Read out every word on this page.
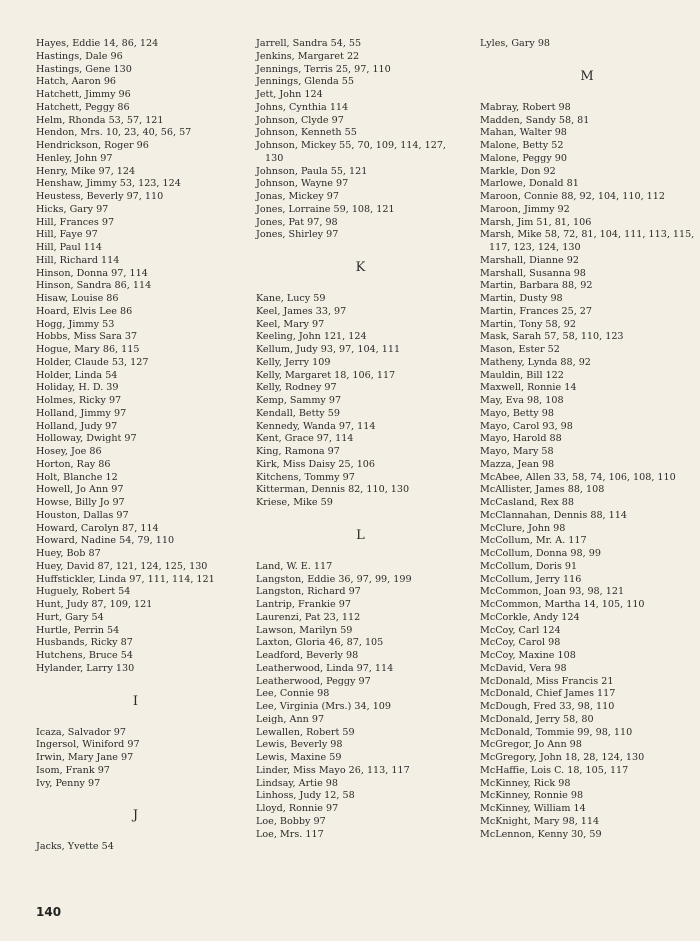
Hayes, Eddie 14, 86, 124
Hastings, Dale 96
Hastings, Gene 130
Hatch, Aaron 96
Hatchett, Jimmy 96
Hatchett, Peggy 86
Helm, Rhonda 53, 57, 121
Hendon, Mrs. 10, 23, 40, 56, 57
Hendrickson, Roger 96
Henley, John 97
Henry, Mike 97, 124
Henshaw, Jimmy 53, 123, 124
Heustess, Beverly 97, 110
Hicks, Gary 97
Hill, Frances 97
Hill, Faye 97
Hill, Paul 114
Hill, Richard 114
Hinson, Donna 97, 114
Hinson, Sandra 86, 114
Hisaw, Louise 86
Hoard, Elvis Lee 86
Hogg, Jimmy 53
Hobbs, Miss Sara 37
Hogue, Mary 86, 115
Holder, Claude 53, 127
Holder, Linda 54
Holiday, H. D. 39
Holmes, Ricky 97
Holland, Jimmy 97
Holland, Judy 97
Holloway, Dwight 97
Hosey, Joe 86
Horton, Ray 86
Holt, Blanche 12
Howell, Jo Ann 97
Howse, Billy Jo 97
Houston, Dallas 97
Howard, Carolyn 87, 114
Howard, Nadine 54, 79, 110
Huey, Bob 87
Huey, David 87, 121, 124, 125, 130
Huffstickler, Linda 97, 111, 114, 121
Huguely, Robert 54
Hunt, Judy 87, 109, 121
Hurt, Gary 54
Hurtle, Perrin 54
Husbands, Ricky 87
Hutchens, Bruce 54
Hylander, Larry 130
I
Icaza, Salvador 97
Ingersol, Winiford 97
Irwin, Mary Jane 97
Isom, Frank 97
Ivy, Penny 97
J
Jacks, Yvette 54
Jarrell, Sandra 54, 55
Jenkins, Margaret 22
Jennings, Terris 25, 97, 110
Jennings, Glenda 55
Jett, John 124
Johns, Cynthia 114
Johnson, Clyde 97
Johnson, Kenneth 55
Johnson, Mickey 55, 70, 109, 114, 127, 130
Johnson, Paula 55, 121
Johnson, Wayne 97
Jonas, Mickey 97
Jones, Lorraine 59, 108, 121
Jones, Pat 97, 98
Jones, Shirley 97
K
Kane, Lucy 59
Keel, James 33, 97
Keel, Mary 97
Keeling, John 121, 124
Kellum, Judy 93, 97, 104, 111
Kelly, Jerry 109
Kelly, Margaret 18, 106, 117
Kelly, Rodney 97
Kemp, Sammy 97
Kendall, Betty 59
Kennedy, Wanda 97, 114
Kent, Grace 97, 114
King, Ramona 97
Kirk, Miss Daisy 25, 106
Kitchens, Tommy 97
Kitterman, Dennis 82, 110, 130
Kriese, Mike 59
L
Land, W. E. 117
Langston, Eddie 36, 97, 99, 199
Langston, Richard 97
Lantrip, Frankie 97
Laurenzi, Pat 23, 112
Lawson, Marilyn 59
Laxton, Gloria 46, 87, 105
Leadford, Beverly 98
Leatherwood, Linda 97, 114
Leatherwood, Peggy 97
Lee, Connie 98
Lee, Virginia (Mrs.) 34, 109
Leigh, Ann 97
Lewallen, Robert 59
Lewis, Beverly 98
Lewis, Maxine 59
Linder, Miss Mayo 26, 113, 117
Lindsay, Artie 98
Linhoss, Judy 12, 58
Lloyd, Ronnie 97
Loe, Bobby 97
Loe, Mrs. 117
Lyles, Gary 98
M
Mabray, Robert 98
Madden, Sandy 58, 81
Mahan, Walter 98
Malone, Betty 52
Malone, Peggy 90
Markle, Don 92
Marlowe, Donald 81
Maroon, Connie 88, 92, 104, 110, 112
Maroon, Jimmy 92
Marsh, Jim 51, 81, 106
Marsh, Mike 58, 72, 81, 104, 111, 113, 115, 117, 123, 124, 130
Marshall, Dianne 92
Marshall, Susanna 98
Martin, Barbara 88, 92
Martin, Dusty 98
Martin, Frances 25, 27
Martin, Tony 58, 92
Mask, Sarah 57, 58, 110, 123
Mason, Ester 52
Matheny, Lynda 88, 92
Mauldin, Bill 122
Maxwell, Ronnie 14
May, Eva 98, 108
Mayo, Betty 98
Mayo, Carol 93, 98
Mayo, Harold 88
Mayo, Mary 58
Mazza, Jean 98
McAbee, Allen 33, 58, 74, 106, 108, 110
McAllister, James 88, 108
McCasland, Rex 88
McClannahan, Dennis 88, 114
McClure, John 98
McCollum, Mr. A. 117
McCollum, Donna 98, 99
McCollum, Doris 91
McCollum, Jerry 116
McCommon, Joan 93, 98, 121
McCommon, Martha 14, 105, 110
McCorkle, Andy 124
McCoy, Carl 124
McCoy, Carol 98
McCoy, Maxine 108
McDavid, Vera 98
McDonald, Miss Francis 21
McDonald, Chief James 117
McDough, Fred 33, 98, 110
McDonald, Jerry 58, 80
McDonald, Tommie 99, 98, 110
McGregor, Jo Ann 98
McGregory, John 18, 28, 124, 130
McHaffie, Lois C. 18, 105, 117
McKinney, Rick 98
McKinney, Ronnie 98
McKinney, William 14
McKnight, Mary 98, 114
McLennon, Kenny 30, 59
140
